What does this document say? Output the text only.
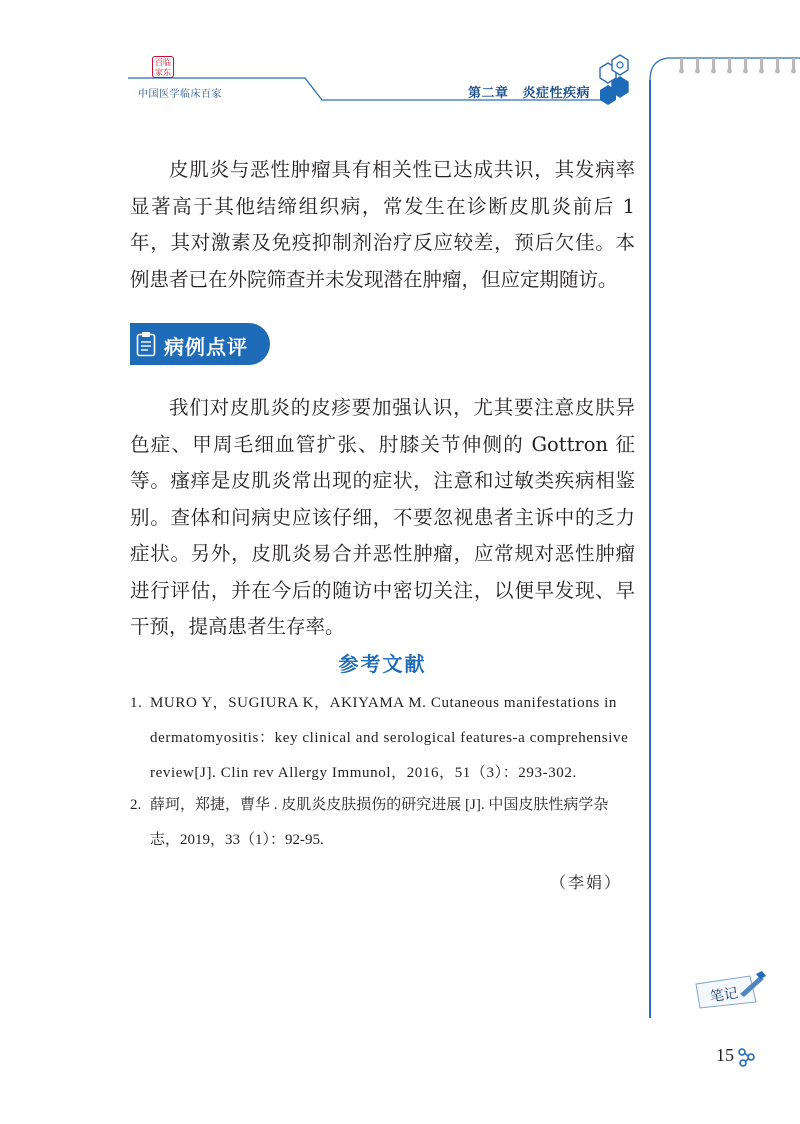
百临家东
中国医学临床百家	第二章 炎症性疾病

皮肌炎与恶性肿瘤具有相关性已达成共识，其发病率显著高于其他结缔组织病，常发生在诊断皮肌炎前后 1 年，其对激素及免疫抑制剂治疗反应较差，预后欠佳。本例患者已在外院筛查并未发现潜在肿瘤，但应定期随访。

病例点评

我们对皮肌炎的皮疹要加强认识，尤其要注意皮肤异色症、甲周毛细血管扩张、肘膝关节伸侧的 Gottron 征等。瘙痒是皮肌炎常出现的症状，注意和过敏类疾病相鉴别。查体和问病史应该仔细，不要忽视患者主诉中的乏力症状。另外，皮肌炎易合并恶性肿瘤，应常规对恶性肿瘤进行评估，并在今后的随访中密切关注，以便早发现、早干预，提高患者生存率。

参考文献
1. MURO Y，SUGIURA K，AKIYAMA M. Cutaneous manifestations in dermatomyositis：key clinical and serological features-a comprehensive review[J]. Clin rev Allergy Immunol，2016，51（3）：293-302.
2. 薛珂，郑捷，曹华 . 皮肌炎皮肤损伤的研究进展 [J]. 中国皮肤性病学杂志，2019，33（1）：92-95.
（李娟）
笔记
15
